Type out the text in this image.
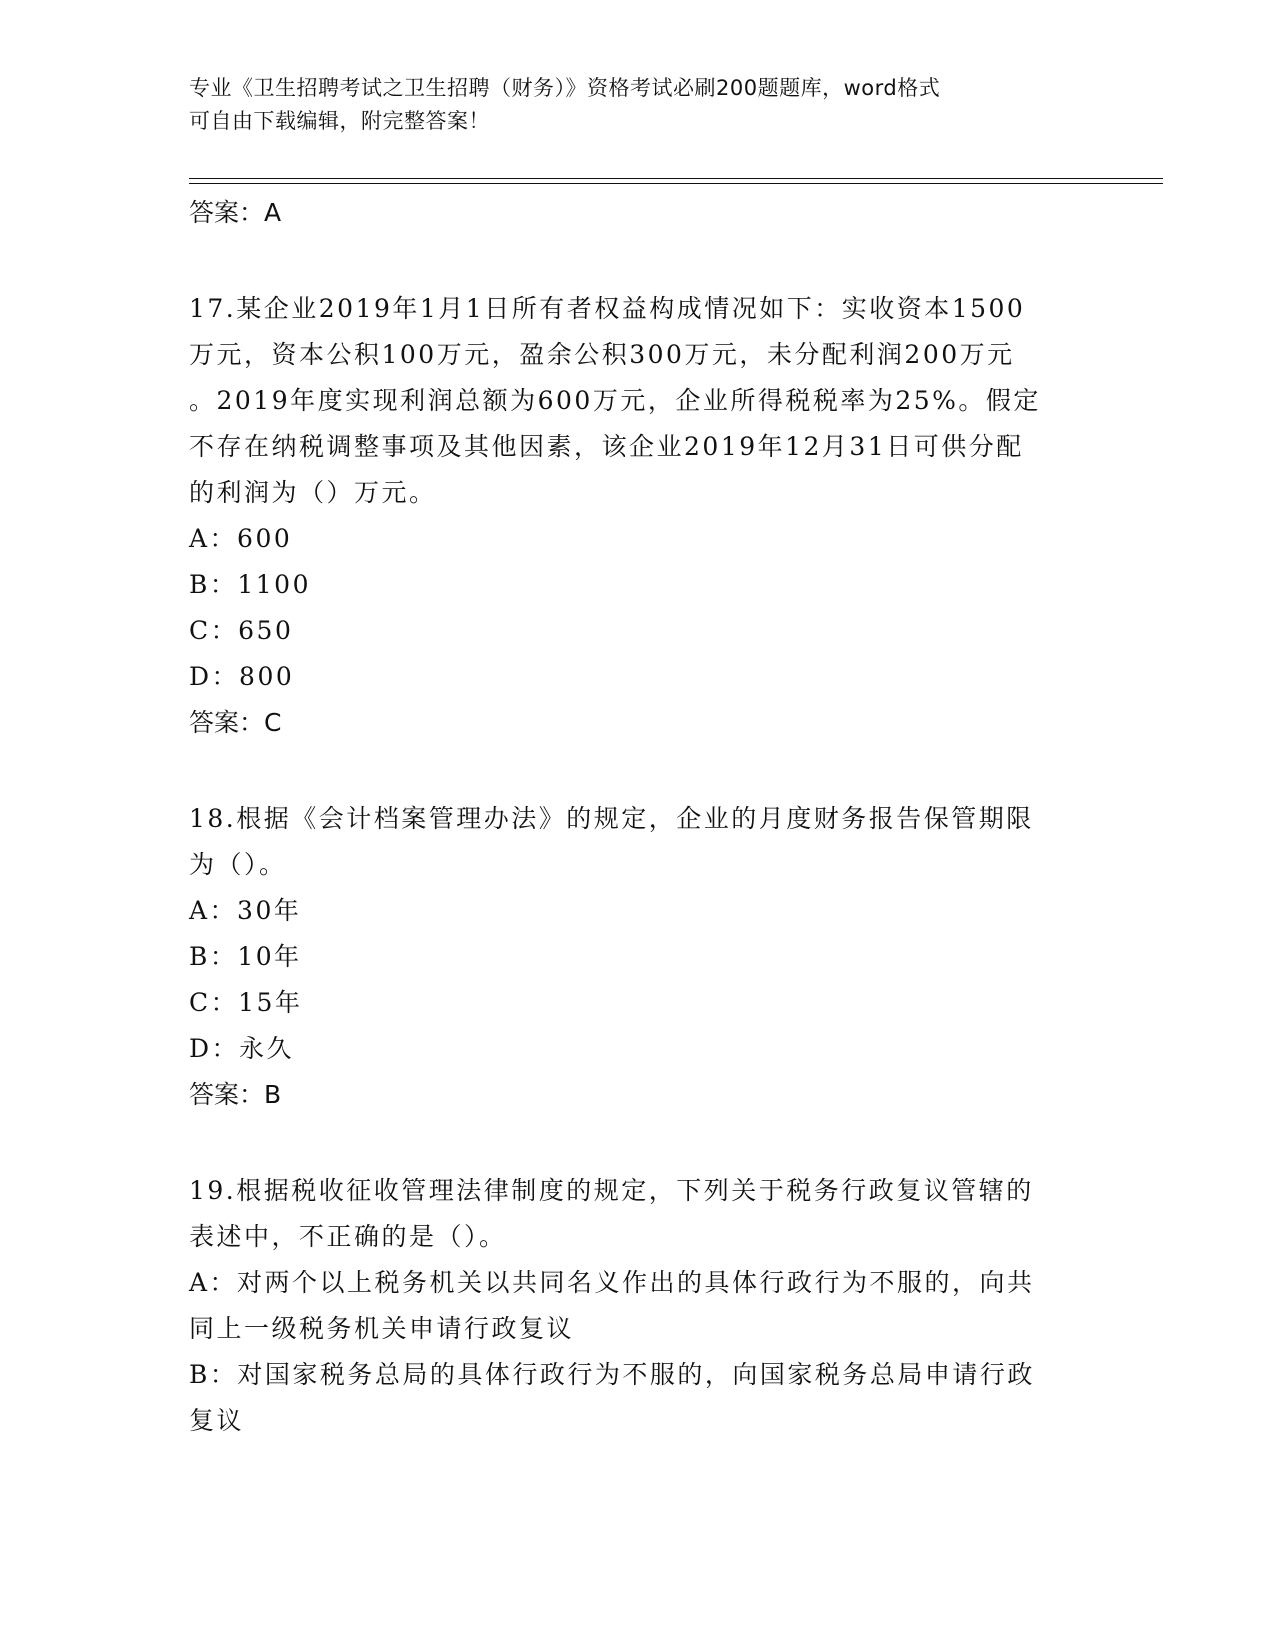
专业《卫生招聘考试之卫生招聘（财务）》资格考试必刷200题题库，word格式
可自由下载编辑，附完整答案！
答案：A
17.某企业2019年1月1日所有者权益构成情况如下：实收资本1500
万元，资本公积100万元，盈余公积300万元，未分配利润200万元
。2019年度实现利润总额为600万元，企业所得税税率为25%。假定
不存在纳税调整事项及其他因素，该企业2019年12月31日可供分配
的利润为（）万元。
A：600
B：1100
C：650
D：800
答案：C
18.根据《会计档案管理办法》的规定，企业的月度财务报告保管期限
为（）。
A：30年
B：10年
C：15年
D：永久
答案：B
19.根据税收征收管理法律制度的规定，下列关于税务行政复议管辖的
表述中，不正确的是（）。
A：对两个以上税务机关以共同名义作出的具体行政行为不服的，向共
同上一级税务机关申请行政复议
B：对国家税务总局的具体行政行为不服的，向国家税务总局申请行政
复议
